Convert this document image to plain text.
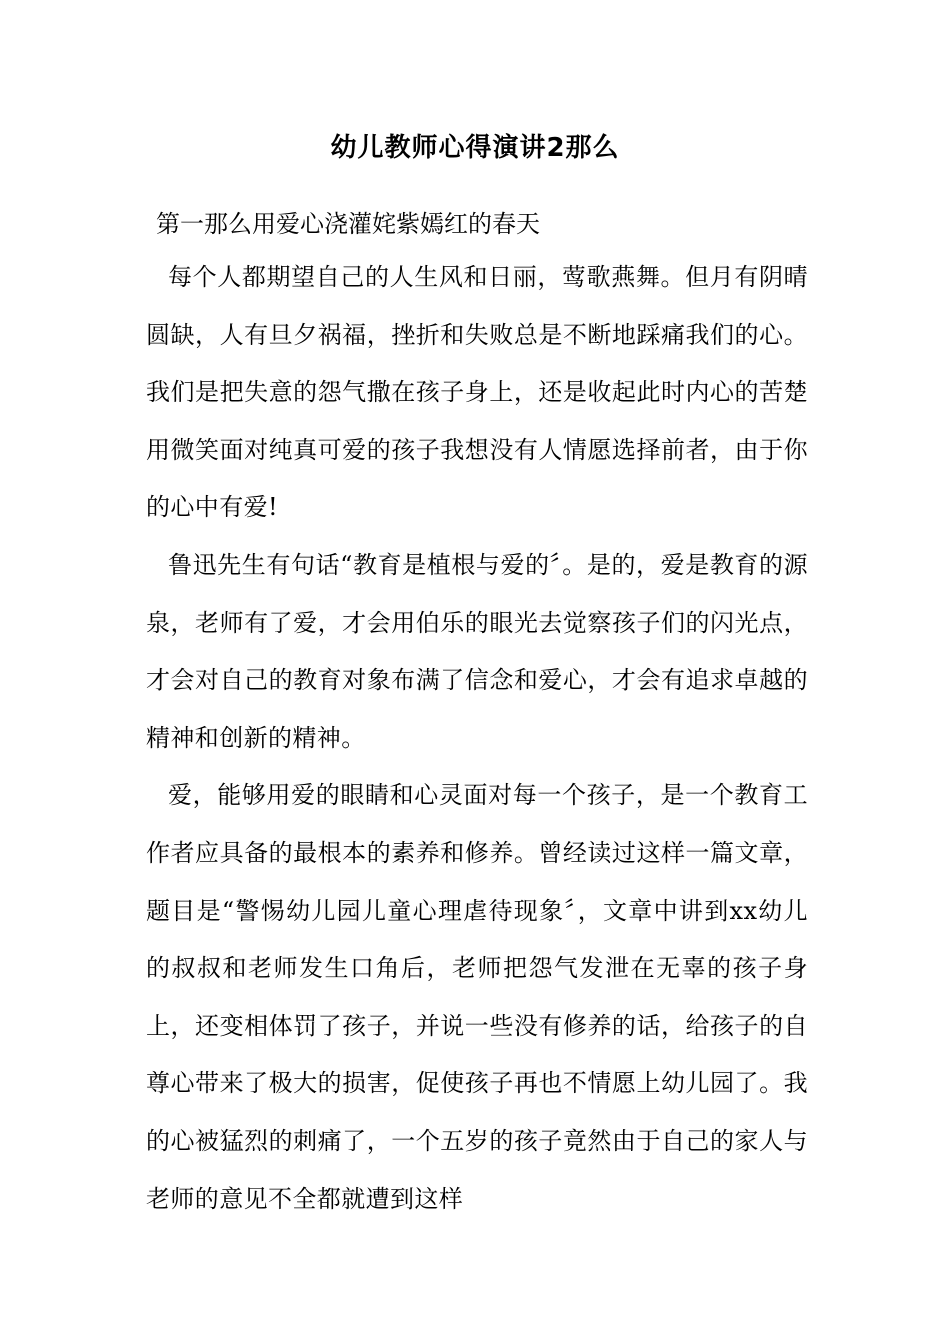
幼儿教师心得演讲2那么
第一那么用爱心浇灌姹紫嫣红的春天

每个人都期望自己的人生风和日丽，莺歌燕舞。但月有阴晴圆缺，人有旦夕祸福，挫折和失败总是不断地踩痛我们的心。我们是把失意的怨气撒在孩子身上，还是收起此时内心的苦楚用微笑面对纯真可爱的孩子我想没有人情愿选择前者，由于你的心中有爱!

鲁迅先生有句话“教育是植根与爱的〞。是的，爱是教育的源泉，老师有了爱，才会用伯乐的眼光去觉察孩子们的闪光点，才会对自己的教育对象布满了信念和爱心，才会有追求卓越的精神和创新的精神。

爱，能够用爱的眼睛和心灵面对每一个孩子，是一个教育工作者应具备的最根本的素养和修养。曾经读过这样一篇文章，题目是“警惕幼儿园儿童心理虐待现象〞，文章中讲到xx幼儿的叔叔和老师发生口角后，老师把怨气发泄在无辜的孩子身上，还变相体罚了孩子，并说一些没有修养的话，给孩子的自尊心带来了极大的损害，促使孩子再也不情愿上幼儿园了。我的心被猛烈的刺痛了，一个五岁的孩子竟然由于自己的家人与老师的意见不全都就遭到这样
